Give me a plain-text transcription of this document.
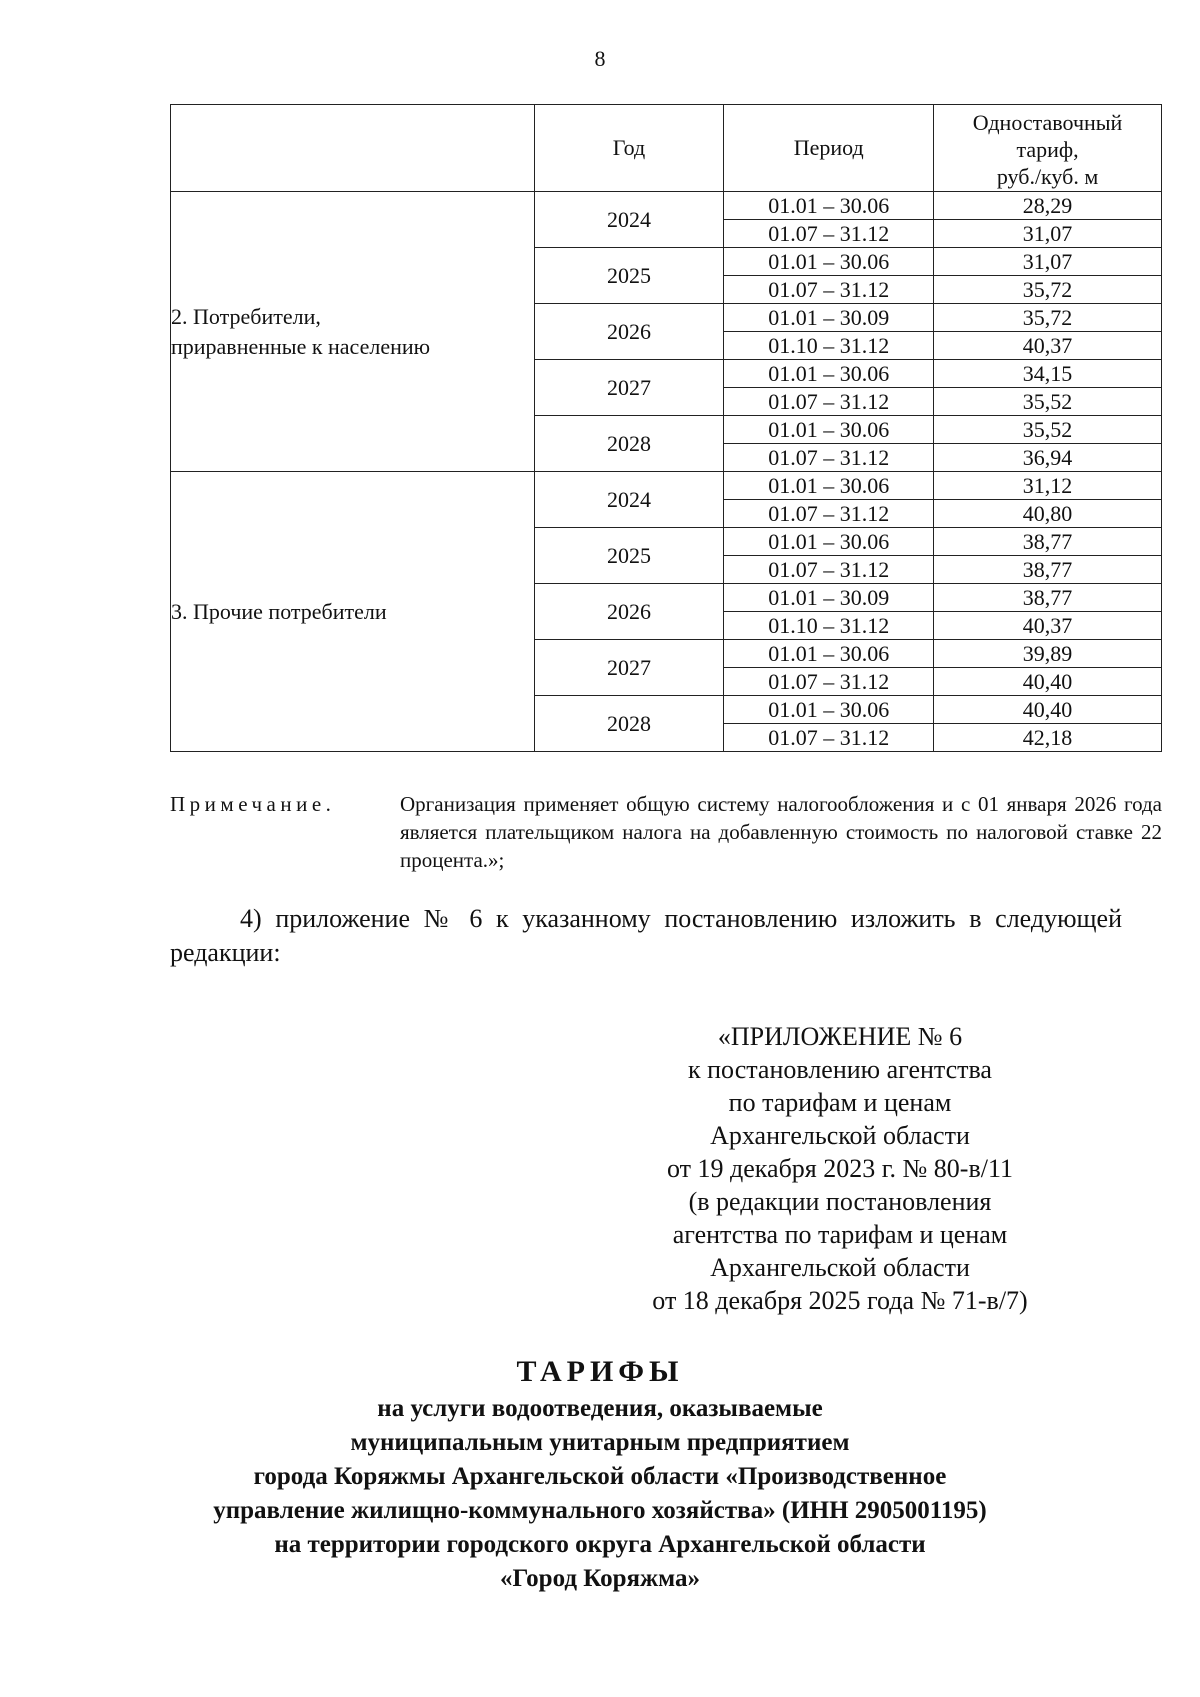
8
	Год	Период	Одноставочный
тариф,
руб./куб. м

2. Потребители,
приравненные к населению	2024	01.01 – 30.06	28,29
		01.07 – 31.12	31,07
	2025	01.01 – 30.06	31,07
		01.07 – 31.12	35,72
	2026	01.01 – 30.09	35,72
		01.10 – 31.12	40,37
	2027	01.01 – 30.06	34,15
		01.07 – 31.12	35,52
	2028	01.01 – 30.06	35,52
		01.07 – 31.12	36,94

3. Прочие потребители	2024	01.01 – 30.06	31,12
		01.07 – 31.12	40,80
	2025	01.01 – 30.06	38,77
		01.07 – 31.12	38,77
	2026	01.01 – 30.09	38,77
		01.10 – 31.12	40,37
	2027	01.01 – 30.06	39,89
		01.07 – 31.12	40,40
	2028	01.01 – 30.06	40,40
		01.07 – 31.12	42,18
Примечание.	Организация применяет общую систему налогообложения и с 01 января 2026 года является плательщиком налога на добавленную стоимость по налоговой ставке 22 процента.»;
4) приложение № 6 к указанному постановлению изложить в следующей редакции:
«ПРИЛОЖЕНИЕ № 6
к постановлению агентства
по тарифам и ценам
Архангельской области
от 19 декабря 2023 г. № 80-в/11
(в редакции постановления
агентства по тарифам и ценам
Архангельской области
от 18 декабря 2025 года № 71-в/7)
ТАРИФЫ
на услуги водоотведения, оказываемые
муниципальным унитарным предприятием
города Коряжмы Архангельской области «Производственное
управление жилищно-коммунального хозяйства» (ИНН 2905001195)
на территории городского округа Архангельской области
«Город Коряжма»
